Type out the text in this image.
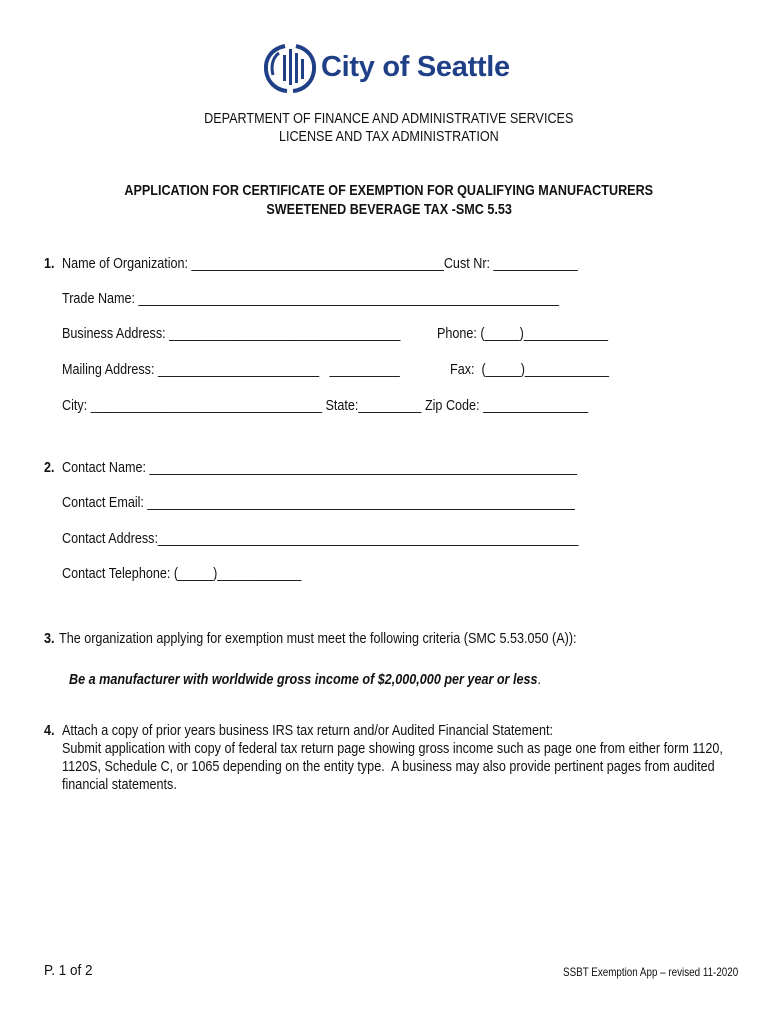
City of Seattle

DEPARTMENT OF FINANCE AND ADMINISTRATIVE SERVICES

LICENSE AND TAX ADMINISTRATION

APPLICATION FOR CERTIFICATE OF EXEMPTION FOR QUALIFYING MANUFACTURERS

SWEETENED BEVERAGE TAX -SMC 5.53

1. Name of Organization: ____________________________________Cust Nr: ____________
Trade Name: ____________________________________________________________
Business Address: _________________________________ Phone: (_____)____________
Mailing Address: _______________________   __________	Fax:  (_____)____________
City: _________________________________ State:_________ Zip Code: _______________
2. Contact Name: _____________________________________________________________
Contact Email: _____________________________________________________________
Contact Address:____________________________________________________________
Contact Telephone: (_____)____________
3. The organization applying for exemption must meet the following criteria (SMC 5.53.050 (A)):

Be a manufacturer with worldwide gross income of $2,000,000 per year or less.

4. Attach a copy of prior years business IRS tax return and/or Audited Financial Statement:
Submit application with copy of federal tax return page showing gross income such as page one from either form 1120,
1120S, Schedule C, or 1065 depending on the entity type.  A business may also provide pertinent pages from audited
financial statements.
P. 1 of 2	SSBT Exemption App – revised 11-2020
